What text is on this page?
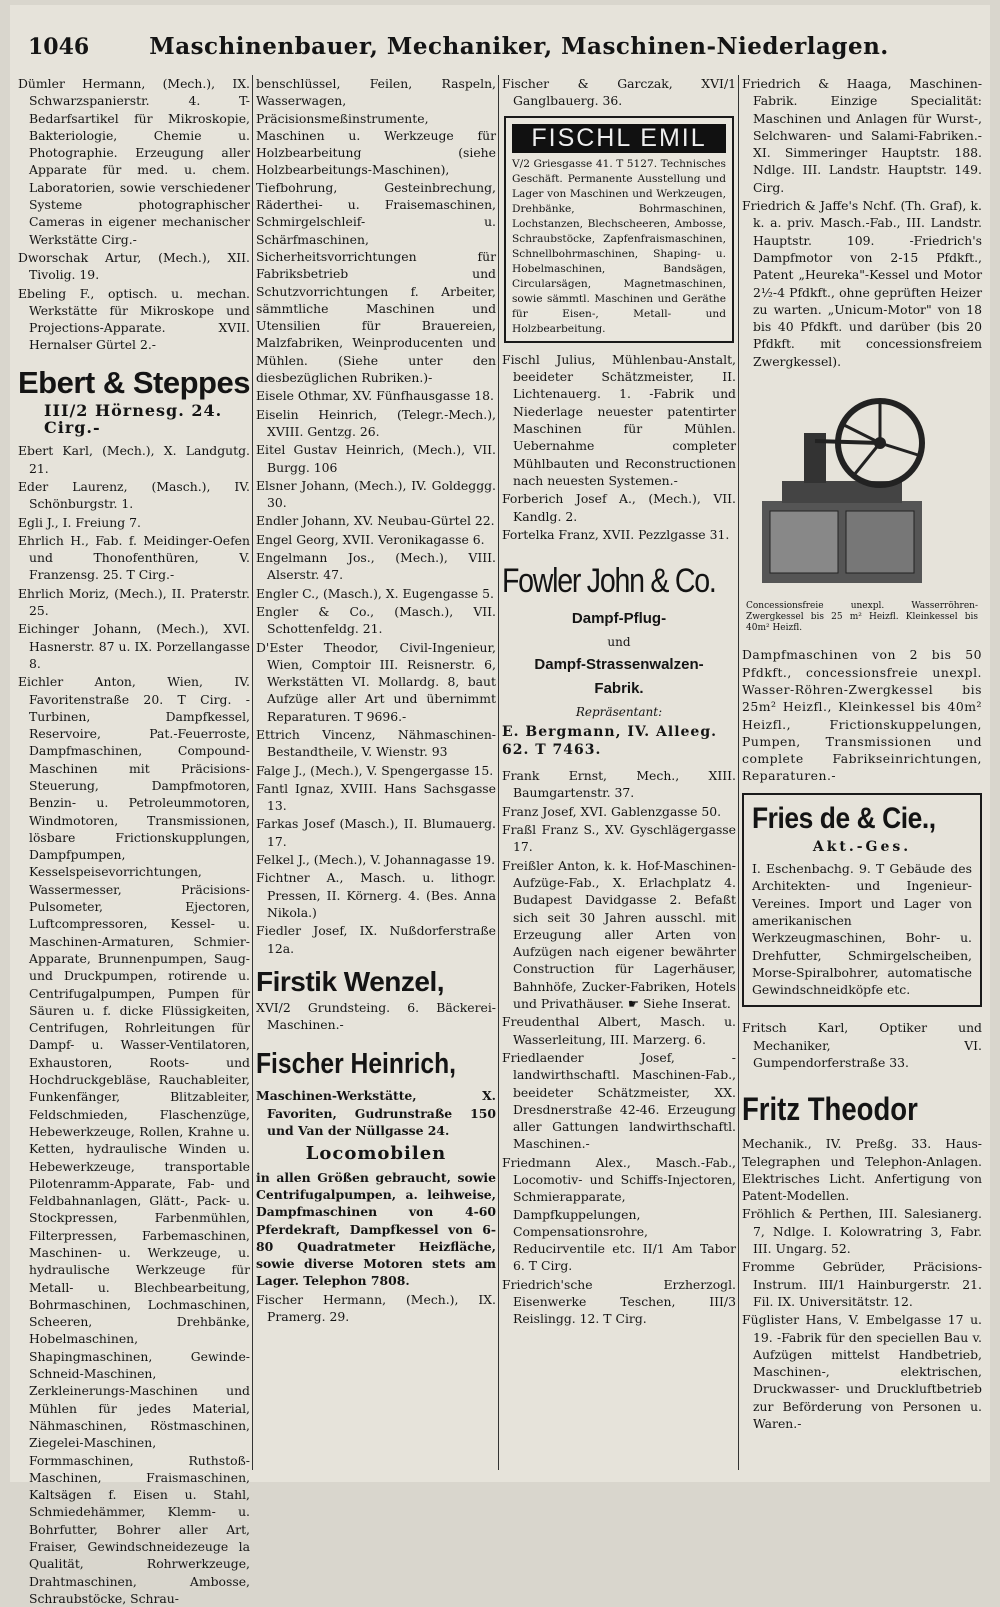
1046	Maschinenbauer, Mechaniker, Maschinen-Niederlagen.

Dümler Hermann, (Mech.), IX. Schwarzspanierstr. 4. T-Bedarfsartikel für Mikroskopie, Bakteriologie, Chemie u. Photographie. Erzeugung aller Apparate für med. u. chem. Laboratorien, sowie verschiedener Systeme photographischer Cameras in eigener mechanischer Werkstätte Cirg.-

Dworschak Artur, (Mech.), XII. Tivolig. 19.

Ebeling F., optisch. u. mechan. Werkstätte für Mikroskope und Projections-Apparate. XVII. Hernalser Gürtel 2.-

Ebert & Steppes
III/2 Hörnesg. 24. Cirg.-

Ebert Karl, (Mech.), X. Landgutg. 21.

Eder Laurenz, (Masch.), IV. Schönburgstr. 1.

Egli J., I. Freiung 7.

Ehrlich H., Fab. f. Meidinger-Oefen und Thonofenthüren, V. Franzensg. 25. T Cirg.-

Ehrlich Moriz, (Mech.), II. Praterstr. 25.

Eichinger Johann, (Mech.), XVI. Hasnerstr. 87 u. IX. Porzellangasse 8.

Eichler Anton, Wien, IV. Favoritenstraße 20. T Cirg. -Turbinen, Dampfkessel, Reservoire, Pat.-Feuerroste, Dampfmaschinen, Compound-Maschinen mit Präcisions-Steuerung, Dampfmotoren, Benzin- u. Petroleummotoren, Windmotoren, Transmissionen, lösbare Frictionskupplungen, Dampfpumpen, Kesselspeisevorrichtungen, Wassermesser, Präcisions-Pulsometer, Ejectoren, Luftcompressoren, Kessel- u. Maschinen-Armaturen, Schmier-Apparate, Brunnenpumpen, Saug- und Druckpumpen, rotirende u. Centrifugalpumpen, Pumpen für Säuren u. f. dicke Flüssigkeiten, Centrifugen, Rohrleitungen für Dampf- u. Wasser-Ventilatoren, Exhaustoren, Roots- und Hochdruckgebläse, Rauchableiter, Funkenfänger, Blitzableiter, Feldschmieden, Flaschenzüge, Hebewerkzeuge, Rollen, Krahne u. Ketten, hydraulische Winden u. Hebewerkzeuge, transportable Pilotenramm-Apparate, Fab- und Feldbahnanlagen, Glätt-, Pack- u. Stockpressen, Farbenmühlen, Filterpressen, Farbemaschinen, Maschinen- u. Werkzeuge, u. hydraulische Werkzeuge für Metall- u. Blechbearbeitung, Bohrmaschinen, Lochmaschinen, Scheeren, Drehbänke, Hobelmaschinen, Shapingmaschinen, Gewinde-Schneid-Maschinen, Zerkleinerungs-Maschinen und Mühlen für jedes Material, Nähmaschinen, Röstmaschinen, Ziegelei-Maschinen, Formmaschinen, Ruthstoß-Maschinen, Fraismaschinen, Kaltsägen f. Eisen u. Stahl, Schmiedehämmer, Klemm- u. Bohrfutter, Bohrer aller Art, Fraiser, Gewindschneidezeuge la Qualität, Rohrwerkzeuge, Drahtmaschinen, Ambosse, Schraubstöcke, Schrau-

benschlüssel, Feilen, Raspeln, Wasserwagen, Präcisionsmeßinstrumente, Maschinen u. Werkzeuge für Holzbearbeitung (siehe Holzbearbeitungs-Maschinen), Tiefbohrung, Gesteinbrechung, Räderthei- u. Fraisemaschinen, Schmirgelschleif- u. Schärfmaschinen, Sicherheitsvorrichtungen für Fabriksbetrieb und Schutzvorrichtungen f. Arbeiter, sämmtliche Maschinen und Utensilien für Brauereien, Malzfabriken, Weinproducenten und Mühlen. (Siehe unter den diesbezüglichen Rubriken.)-

Eisele Othmar, XV. Fünfhausgasse 18.

Eiselin Heinrich, (Telegr.-Mech.), XVIII. Gentzg. 26.

Eitel Gustav Heinrich, (Mech.), VII. Burgg. 106

Elsner Johann, (Mech.), IV. Goldeggg. 30.

Endler Johann, XV. Neubau-Gürtel 22.

Engel Georg, XVII. Veronikagasse 6.

Engelmann Jos., (Mech.), VIII. Alserstr. 47.

Engler C., (Masch.), X. Eugengasse 5.

Engler & Co., (Masch.), VII. Schottenfeldg. 21.

D'Ester Theodor, Civil-Ingenieur, Wien, Comptoir III. Reisnerstr. 6, Werkstätten VI. Mollardg. 8, baut Aufzüge aller Art und übernimmt Reparaturen. T 9696.-

Ettrich Vincenz, Nähmaschinen-Bestandtheile, V. Wienstr. 93

Falge J., (Mech.), V. Spengergasse 15.

Fantl Ignaz, XVIII. Hans Sachsgasse 13.

Farkas Josef (Masch.), II. Blumauerg. 17.

Felkel J., (Mech.), V. Johannagasse 19.

Fichtner A., Masch. u. lithogr. Pressen, II. Körnerg. 4. (Bes. Anna Nikola.)

Fiedler Josef, IX. Nußdorferstraße 12a.

Firstik Wenzel,

XVI/2 Grundsteing. 6. Bäckerei-Maschinen.-

Fischer Heinrich,

Maschinen-Werkstätte, X. Favoriten, Gudrunstraße 150 und Van der Nüllgasse 24.

Locomobilen

in allen Größen gebraucht, sowie Centrifugalpumpen, a. leihweise, Dampfmaschinen von 4-60 Pferdekraft, Dampfkessel von 6-80 Quadratmeter Heizfläche, sowie diverse Motoren stets am Lager. Telephon 7808.

Fischer Hermann, (Mech.), IX. Pramerg. 29.

Fischer & Garczak, XVI/1 Ganglbauerg. 36.

FISCHL EMIL
V/2 Griesgasse 41. T 5127. Technisches Geschäft. Permanente Ausstellung und Lager von Maschinen und Werkzeugen, Drehbänke, Bohrmaschinen, Lochstanzen, Blechscheeren, Ambosse, Schraubstöcke, Zapfenfraismaschinen, Schnellbohrmaschinen, Shaping- u. Hobelmaschinen, Bandsägen, Circularsägen, Magnetmaschinen, sowie sämmtl. Maschinen und Geräthe für Eisen-, Metall- und Holzbearbeitung.

Fischl Julius, Mühlenbau-Anstalt, beeideter Schätzmeister, II. Lichtenauerg. 1. -Fabrik und Niederlage neuester patentirter Maschinen für Mühlen. Uebernahme completer Mühlbauten und Reconstructionen nach neuesten Systemen.-

Forberich Josef A., (Mech.), VII. Kandlg. 2.

Fortelka Franz, XVII. Pezzlgasse 31.

Fowler John & Co.
Dampf-Pflug-
und
Dampf-Strassenwalzen-
Fabrik.
Repräsentant:
E. Bergmann, IV. Alleeg. 62. T 7463.

Frank Ernst, Mech., XIII. Baumgartenstr. 37.

Franz Josef, XVI. Gablenzgasse 50.

Fraßl Franz S., XV. Gyschlägergasse 17.

Freißler Anton, k. k. Hof-Maschinen-Aufzüge-Fab., X. Erlachplatz 4. Budapest Davidgasse 2. Befaßt sich seit 30 Jahren ausschl. mit Erzeugung aller Arten von Aufzügen nach eigener bewährter Construction für Lagerhäuser, Bahnhöfe, Zucker-Fabriken, Hotels und Privathäuser. ☛ Siehe Inserat.

Freudenthal Albert, Masch. u. Wasserleitung, III. Marzerg. 6.

Friedlaender Josef, -landwirthschaftl. Maschinen-Fab., beeideter Schätzmeister, XX. Dresdnerstraße 42-46. Erzeugung aller Gattungen landwirthschaftl. Maschinen.-

Friedmann Alex., Masch.-Fab., Locomotiv- und Schiffs-Injectoren, Schmierapparate, Dampfkuppelungen, Compensationsrohre, Reducirventile etc. II/1 Am Tabor 6. T Cirg.

Friedrich'sche Erzherzogl. Eisenwerke Teschen, III/3 Reislingg. 12. T Cirg.

Friedrich & Haaga, Maschinen-Fabrik. Einzige Specialität: Maschinen und Anlagen für Wurst-, Selchwaren- und Salami-Fabriken.- XI. Simmeringer Hauptstr. 188. Ndlge. III. Landstr. Hauptstr. 149. Cirg.

Friedrich & Jaffe's Nchf. (Th. Graf), k. k. a. priv. Masch.-Fab., III. Landstr. Hauptstr. 109. -Friedrich's Dampfmotor von 2-15 Pfdkft., Patent „Heureka"-Kessel und Motor 2½-4 Pfdkft., ohne geprüften Heizer zu warten. „Unicum-Motor" von 18 bis 40 Pfdkft. und darüber (bis 20 Pfdkft. mit concessionsfreiem Zwergkessel).

Concessionsfreie unexpl. Wasserröhren-Zwergkessel bis 25 m² Heizfl. Kleinkessel bis 40m² Heizfl.

Dampfmaschinen von 2 bis 50 Pfdkft., concessionsfreie unexpl. Wasser-Röhren-Zwergkessel bis 25m² Heizfl., Kleinkessel bis 40m² Heizfl., Frictionskuppelungen, Pumpen, Transmissionen und complete Fabrikseinrichtungen, Reparaturen.-

Fries de & Cie.,
Akt.-Ges.

I. Eschenbachg. 9. T Gebäude des Architekten- und Ingenieur-Vereines. Import und Lager von amerikanischen Werkzeugmaschinen, Bohr- u. Drehfutter, Schmirgelscheiben, Morse-Spiralbohrer, automatische Gewindschneidköpfe etc.

Fritsch Karl, Optiker und Mechaniker, VI. Gumpendorferstraße 33.

Fritz Theodor

Mechanik., IV. Preßg. 33. Haus-Telegraphen und Telephon-Anlagen. Elektrisches Licht. Anfertigung von Patent-Modellen.

Fröhlich & Perthen, III. Salesianerg. 7, Ndlge. I. Kolowratring 3, Fabr. III. Ungarg. 52.

Fromme Gebrüder, Präcisions-Instrum. III/1 Hainburgerstr. 21. Fil. IX. Universitätstr. 12.

Füglister Hans, V. Embelgasse 17 u. 19. -Fabrik für den speciellen Bau v. Aufzügen mittelst Handbetrieb, Maschinen-, elektrischen, Druckwasser- und Druckluftbetrieb zur Beförderung von Personen u. Waren.-
